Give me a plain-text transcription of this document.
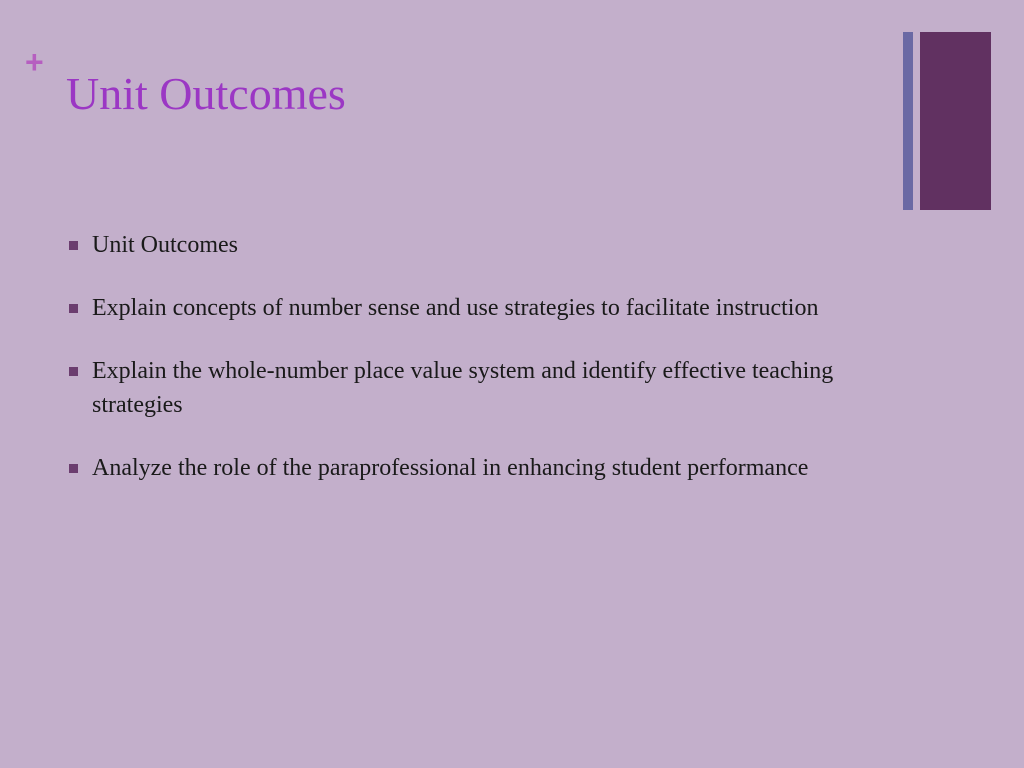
+
Unit Outcomes
Unit Outcomes
Explain concepts of number sense and use strategies to facilitate instruction
Explain the whole-number place value system and identify effective teaching strategies
Analyze the role of the paraprofessional in enhancing student performance
